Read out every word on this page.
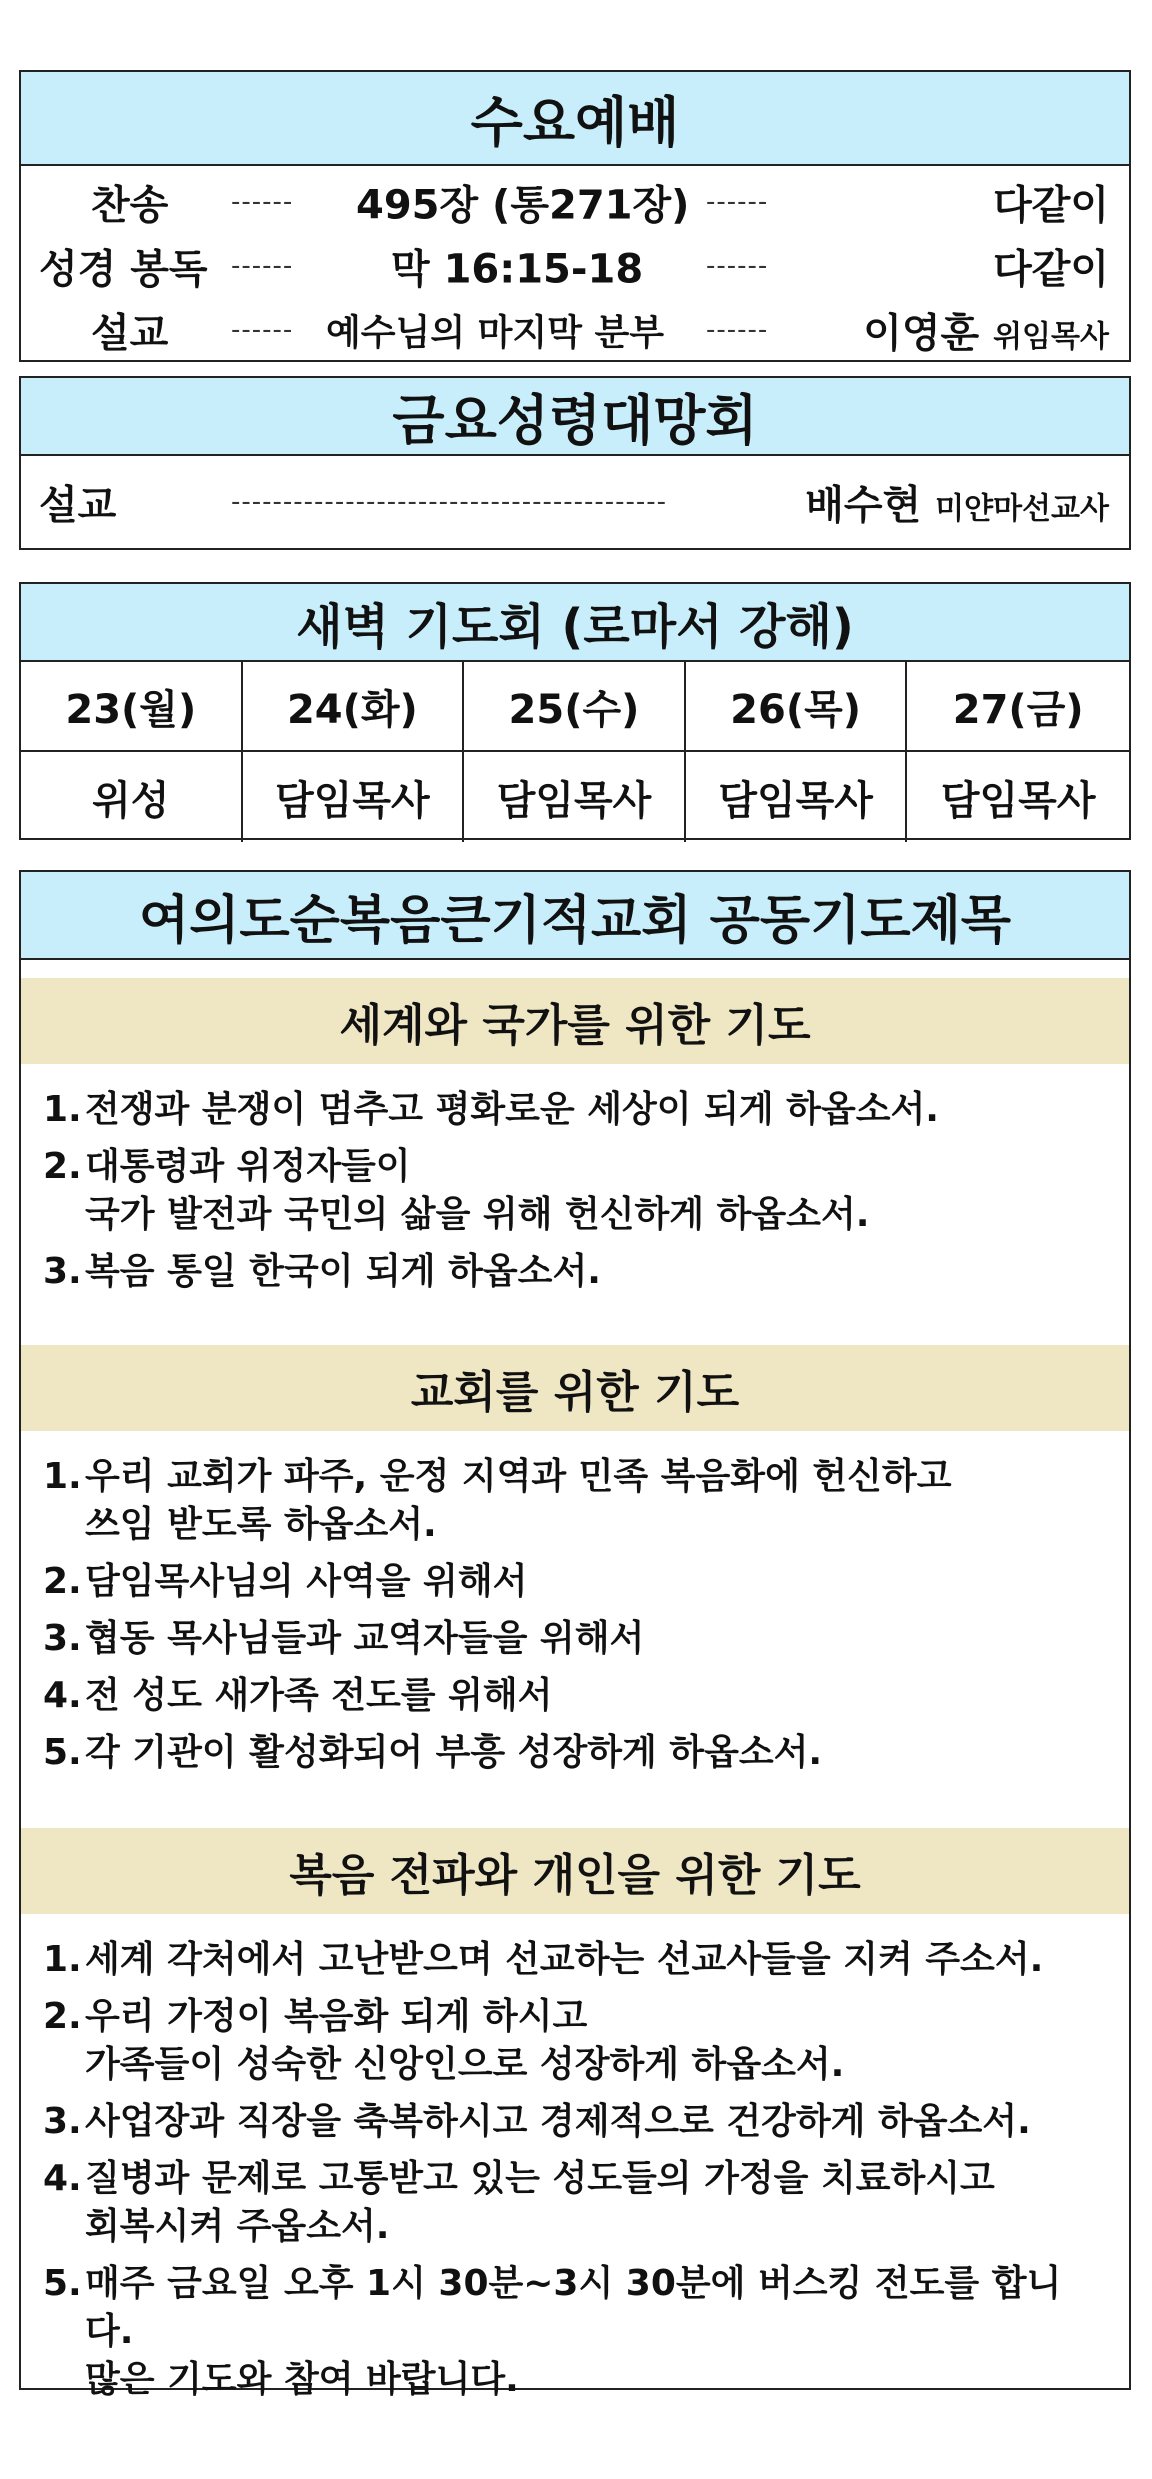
수요예배
찬송 ------ 495장 (통271장) ------	다같이
성경 봉독 ------ 막 16:15-18 ------	다같이
설교 ------ 예수님의 마지막 분부 ------ 이영훈 위임목사
금요성령대망회
설교	------------------------------------------	배수현 미얀마선교사
새벽 기도회 (로마서 강해)
23(월)	24(화)	25(수)	26(목)	27(금)
위성	담임목사	담임목사	담임목사	담임목사
여의도순복음큰기적교회 공동기도제목
세계와 국가를 위한 기도
1. 전쟁과 분쟁이 멈추고 평화로운 세상이 되게 하옵소서.
2. 대통령과 위정자들이
국가 발전과 국민의 삶을 위해 헌신하게 하옵소서.
3. 복음 통일 한국이 되게 하옵소서.
교회를 위한 기도
1. 우리 교회가 파주, 운정 지역과 민족 복음화에 헌신하고
쓰임 받도록 하옵소서.
2. 담임목사님의 사역을 위해서
3. 협동 목사님들과 교역자들을 위해서
4. 전 성도 새가족 전도를 위해서
5. 각 기관이 활성화되어 부흥 성장하게 하옵소서.
복음 전파와 개인을 위한 기도
1. 세계 각처에서 고난받으며 선교하는 선교사들을 지켜 주소서.
2. 우리 가정이 복음화 되게 하시고
가족들이 성숙한 신앙인으로 성장하게 하옵소서.
3. 사업장과 직장을 축복하시고 경제적으로 건강하게 하옵소서.
4. 질병과 문제로 고통받고 있는 성도들의 가정을 치료하시고
회복시켜 주옵소서.
5. 매주 금요일 오후 1시 30분~3시 30분에 버스킹 전도를 합니다.
많은 기도와 참여 바랍니다.
